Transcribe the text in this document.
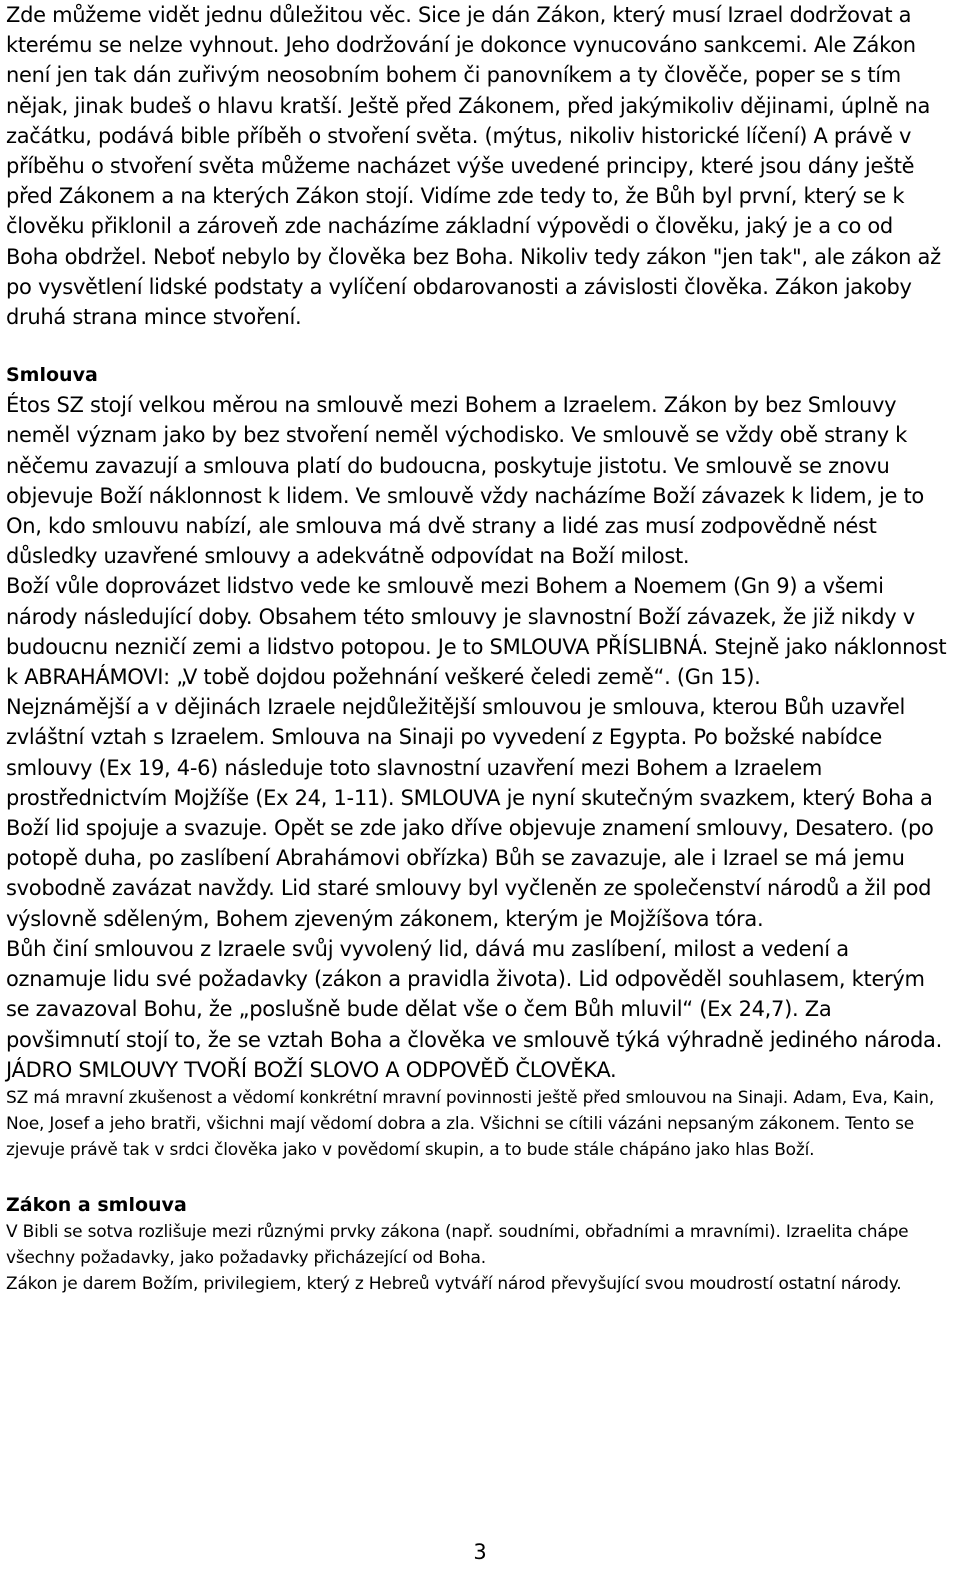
Zde můžeme vidět jednu důležitou věc. Sice je dán Zákon, který musí Izrael dodržovat a kterému se nelze vyhnout. Jeho dodržování je dokonce vynucováno sankcemi. Ale Zákon není jen tak dán zuřivým neosobním bohem či panovníkem a ty člověče, poper se s tím nějak, jinak budeš o hlavu kratší. Ještě před Zákonem, před jakýmikoliv dějinami, úplně na začátku, podává bible příběh o stvoření světa. (mýtus, nikoliv historické líčení) A právě v příběhu o stvoření světa můžeme nacházet výše uvedené principy, které jsou dány ještě před Zákonem a na kterých Zákon stojí. Vidíme zde tedy to, že Bůh byl první, který se k člověku přiklonil a zároveň zde nacházíme základní výpovědi o člověku, jaký je a co od Boha obdržel. Neboť nebylo by člověka bez Boha. Nikoliv tedy zákon "jen tak", ale zákon až po vysvětlení lidské podstaty a vylíčení obdarovanosti a závislosti člověka. Zákon jakoby druhá strana mince stvoření.

Smlouva

Étos SZ stojí velkou měrou na smlouvě mezi Bohem a Izraelem. Zákon by bez Smlouvy neměl význam jako by bez stvoření neměl východisko. Ve smlouvě se vždy obě strany k něčemu zavazují a smlouva platí do budoucna, poskytuje jistotu. Ve smlouvě se znovu objevuje Boží náklonnost k lidem. Ve smlouvě vždy nacházíme Boží závazek k lidem, je to On, kdo smlouvu nabízí, ale smlouva má dvě strany a lidé zas musí zodpovědně nést důsledky uzavřené smlouvy a adekvátně odpovídat na Boží milost.

Boží vůle doprovázet lidstvo vede ke smlouvě mezi Bohem a Noemem (Gn 9) a všemi národy následující doby. Obsahem této smlouvy je slavnostní Boží závazek, že již nikdy v budoucnu nezničí zemi a lidstvo potopou. Je to SMLOUVA PŘÍSLIBNÁ. Stejně jako náklonnost k ABRAHÁMOVI: „V tobě dojdou požehnání veškeré čeledi země“. (Gn 15).

Nejznámější a v dějinách Izraele nejdůležitější smlouvou je smlouva, kterou Bůh uzavřel zvláštní vztah s Izraelem. Smlouva na Sinaji po vyvedení z Egypta. Po božské nabídce smlouvy (Ex 19, 4-6) následuje toto slavnostní uzavření mezi Bohem a Izraelem prostřednictvím Mojžíše (Ex 24, 1-11). SMLOUVA je nyní skutečným svazkem, který Boha a Boží lid spojuje a svazuje. Opět se zde jako dříve objevuje znamení smlouvy, Desatero. (po potopě duha, po zaslíbení Abrahámovi obřízka) Bůh se zavazuje, ale i Izrael se má jemu svobodně zavázat navždy. Lid staré smlouvy byl vyčleněn ze společenství národů a žil pod výslovně sděleným, Bohem zjeveným zákonem, kterým je Mojžíšova tóra.

Bůh činí smlouvou z Izraele svůj vyvolený lid, dává mu zaslíbení, milost a vedení a oznamuje lidu své požadavky (zákon a pravidla života). Lid odpověděl souhlasem, kterým se zavazoval Bohu, že „poslušně bude dělat vše o čem Bůh mluvil“ (Ex 24,7). Za povšimnutí stojí to, že se vztah Boha a člověka ve smlouvě týká výhradně jediného národa.

JÁDRO SMLOUVY TVOŘÍ BOŽÍ SLOVO A ODPOVĚĎ ČLOVĚKA.

SZ má mravní zkušenost a vědomí konkrétní mravní povinnosti ještě před smlouvou na Sinaji. Adam, Eva, Kain, Noe, Josef a jeho bratři, všichni mají vědomí dobra a zla. Všichni se cítili vázáni nepsaným zákonem. Tento se zjevuje právě tak v srdci člověka jako v povědomí skupin, a to bude stále chápáno jako hlas Boží.

Zákon a smlouva

V Bibli se sotva rozlišuje mezi různými prvky zákona (např. soudními, obřadními a mravními). Izraelita chápe všechny požadavky, jako požadavky přicházející od Boha.

Zákon je darem Božím, privilegiem, který z Hebreů vytváří národ převyšující svou moudrostí ostatní národy.

3
